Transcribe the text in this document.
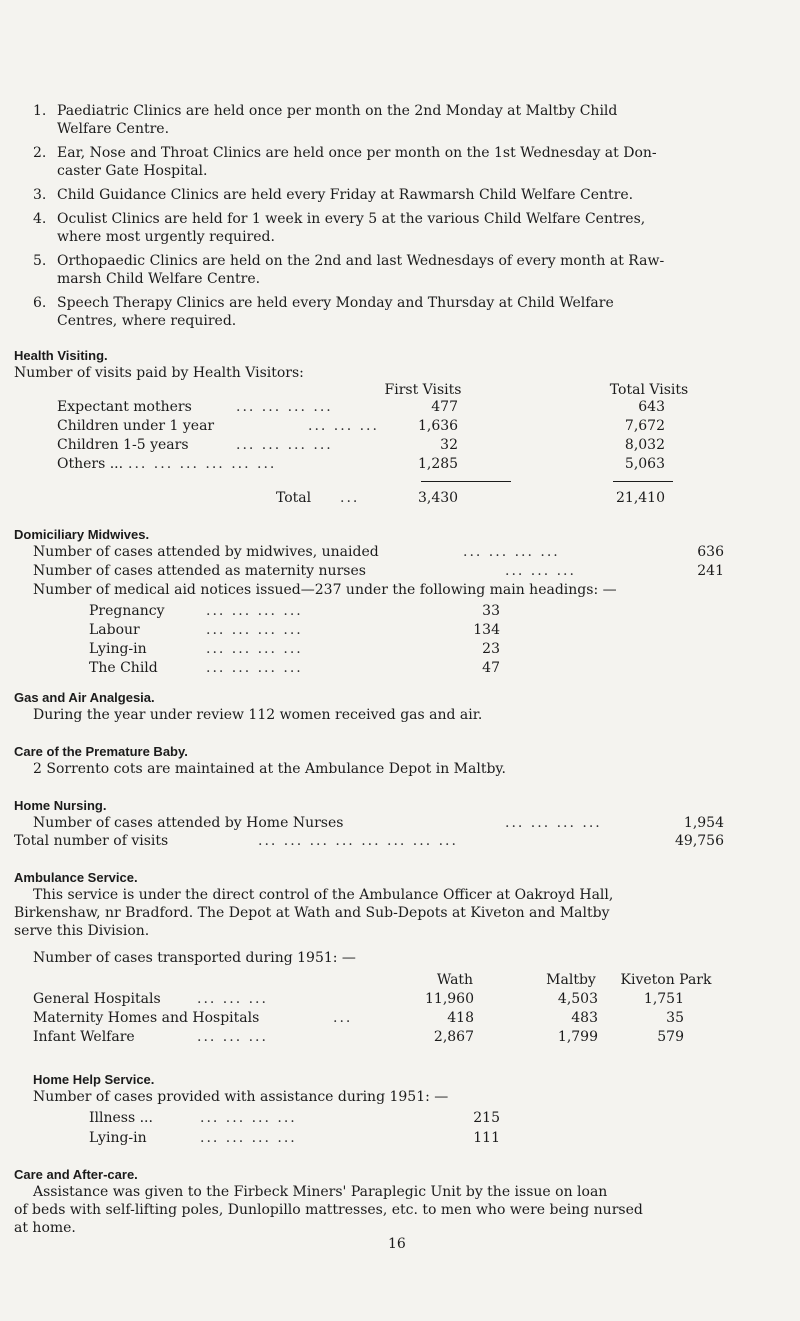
1. Paediatric Clinics are held once per month on the 2nd Monday at Maltby Child
Welfare Centre.
2. Ear, Nose and Throat Clinics are held once per month on the 1st Wednesday at Don-
caster Gate Hospital.
3. Child Guidance Clinics are held every Friday at Rawmarsh Child Welfare Centre.
4. Oculist Clinics are held for 1 week in every 5 at the various Child Welfare Centres,
where most urgently required.
5. Orthopaedic Clinics are held on the 2nd and last Wednesdays of every month at Raw-
marsh Child Welfare Centre.
6. Speech Therapy Clinics are held every Monday and Thursday at Child Welfare
Centres, where required.
Health Visiting.
Number of visits paid by Health Visitors:
First Visits	Total Visits
Expectant mothers	... ... ... ...	477	643
Children under 1 year	... ... ...	1,636	7,672
Children 1-5 years	... ... ... ...	32	8,032
Others ... ... ... ... ... ... ...	1,285	5,063
Total ...	3,430	21,410
Domiciliary Midwives.
Number of cases attended by midwives, unaided	... ... ... ...	636
Number of cases attended as maternity nurses	... ... ...	241
Number of medical aid notices issued—237 under the following main headings: —
Pregnancy	... ... ... ...	33
Labour	... ... ... ...	134
Lying-in	... ... ... ...	23
The Child	... ... ... ...	47
Gas and Air Analgesia.
During the year under review 112 women received gas and air.
Care of the Premature Baby.
2 Sorrento cots are maintained at the Ambulance Depot in Maltby.
Home Nursing.
Number of cases attended by Home Nurses	... ... ... ...	1,954
Total number of visits	... ... ... ... ... ... ... ...	49,756
Ambulance Service.
This service is under the direct control of the Ambulance Officer at Oakroyd Hall,
Birkenshaw, nr Bradford. The Depot at Wath and Sub-Depots at Kiveton and Maltby
serve this Division.
Number of cases transported during 1951: —
Wath	Maltby	Kiveton Park
General Hospitals	... ... ...	11,960	4,503	1,751
Maternity Homes and Hospitals	...	418	483	35
Infant Welfare	... ... ...	2,867	1,799	579
Home Help Service.
Number of cases provided with assistance during 1951: —
Illness ...	... ... ... ...	215
Lying-in	... ... ... ...	111
Care and After-care.
Assistance was given to the Firbeck Miners' Paraplegic Unit by the issue on loan
of beds with self-lifting poles, Dunlopillo mattresses, etc. to men who were being nursed
at home.
16
